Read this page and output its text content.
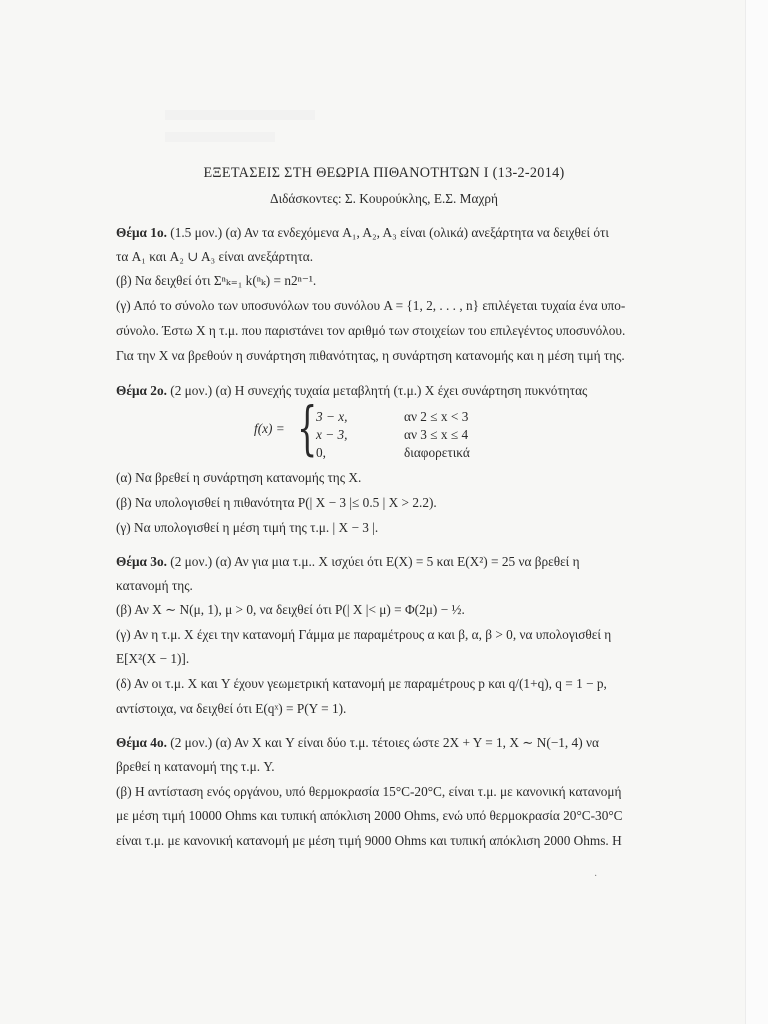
ΕΞΕΤΑΣΕΙΣ ΣΤΗ ΘΕΩΡΙΑ ΠΙΘΑΝΟΤΗΤΩΝ Ι (13-2-2014)

Διδάσκοντες: Σ. Κουρούκλης, Ε.Σ. Μαχρή

Θέμα 1ο. (1.5 μον.) (α) Αν τα ενδεχόμενα A₁, A₂, A₃ είναι (ολικά) ανεξάρτητα να δειχθεί ότι

τα A₁ και A₂ ∪ A₃ είναι ανεξάρτητα.

(β) Να δειχθεί ότι Σⁿₖ₌₁ k(ⁿₖ) = n2ⁿ⁻¹.

(γ) Από το σύνολο των υποσυνόλων του συνόλου A = {1, 2, . . . , n} επιλέγεται τυχαία ένα υπο-

σύνολο. Έστω X η τ.μ. που παριστάνει τον αριθμό των στοιχείων του επιλεγέντος υποσυνόλου.

Για την X να βρεθούν η συνάρτηση πιθανότητας, η συνάρτηση κατανομής και η μέση τιμή της.

Θέμα 2ο. (2 μον.) (α) Η συνεχής τυχαία μεταβλητή (τ.μ.) X έχει συνάρτηση πυκνότητας

f(x) = {
3 − x,	αν 2 ≤ x < 3
x − 3,	αν 3 ≤ x ≤ 4
0,	διαφορετικά

(α) Να βρεθεί η συνάρτηση κατανομής της X.

(β) Να υπολογισθεί η πιθανότητα P(| X − 3 |≤ 0.5 | X > 2.2).

(γ) Να υπολογισθεί η μέση τιμή της τ.μ. | X − 3 |.

Θέμα 3ο. (2 μον.) (α) Αν για μια τ.μ.. X ισχύει ότι E(X) = 5 και E(X²) = 25 να βρεθεί η

κατανομή της.

(β) Αν X ∼ N(μ, 1), μ > 0, να δειχθεί ότι P(| X |< μ) = Φ(2μ) − ½.

(γ) Αν η τ.μ. X έχει την κατανομή Γάμμα με παραμέτρους α και β, α, β > 0, να υπολογισθεί η

E[X²(X − 1)].

(δ) Αν οι τ.μ. X και Y έχουν γεωμετρική κατανομή με παραμέτρους p και q/(1+q), q = 1 − p,

αντίστοιχα, να δειχθεί ότι E(qˣ) = P(Y = 1).

Θέμα 4ο. (2 μον.) (α) Αν X και Y είναι δύο τ.μ. τέτοιες ώστε 2X + Y = 1, X ∼ N(−1, 4) να

βρεθεί η κατανομή της τ.μ. Y.

(β) Η αντίσταση ενός οργάνου, υπό θερμοκρασία 15°C-20°C, είναι τ.μ. με κανονική κατανομή

με μέση τιμή 10000 Ohms και τυπική απόκλιση 2000 Ohms, ενώ υπό θερμοκρασία 20°C-30°C

είναι τ.μ. με κανονική κατανομή με μέση τιμή 9000 Ohms και τυπική απόκλιση 2000 Ohms. Η

·
